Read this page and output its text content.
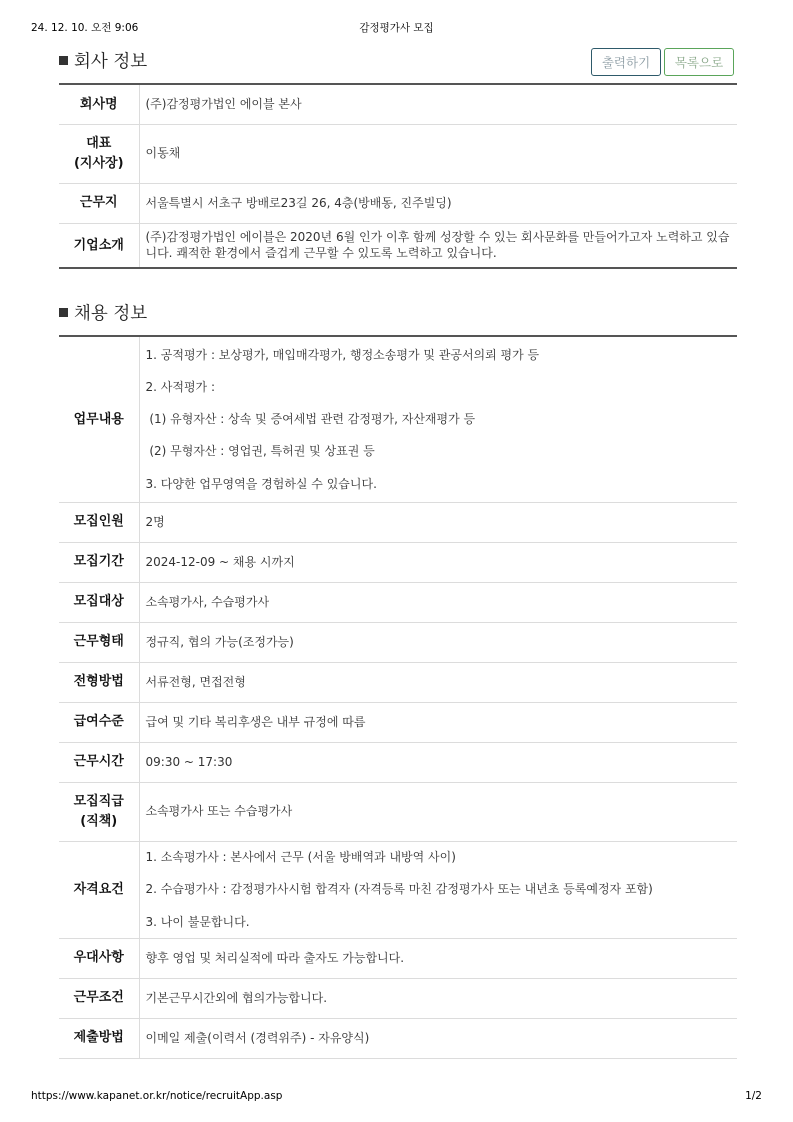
24. 12. 10. 오전 9:06	감정평가사 모집
회사 정보	출력하기	목록으로
회사명	(주)감정평가법인 에이블 본사
대표
(지사장)	이동채
근무지	서울특별시 서초구 방배로23길 26, 4층(방배동, 진주빌딩)
기업소개	(주)감정평가법인 에이블은 2020년 6월 인가 이후 함께 성장할 수 있는 회사문화를 만들어가고자 노력하고 있습니다. 쾌적한 환경에서 즐겁게 근무할 수 있도록 노력하고 있습니다.
채용 정보
업무내용	1. 공적평가 : 보상평가, 매입매각평가, 행정소송평가 및 관공서의뢰 평가 등

2. 사적평가 :

(1) 유형자산 : 상속 및 증여세법 관련 감정평가, 자산재평가 등

(2) 무형자산 : 영업권, 특허권 및 상표권 등

3. 다양한 업무영역을 경험하실 수 있습니다.

모집인원	2명
모집기간	2024-12-09 ~ 채용 시까지
모집대상	소속평가사, 수습평가사
근무형태	정규직, 협의 가능(조정가능)
전형방법	서류전형, 면접전형
급여수준	급여 및 기타 복리후생은 내부 규정에 따름
근무시간	09:30 ~ 17:30
모집직급
(직책)	소속평가사 또는 수습평가사
자격요건	1. 소속평가사 : 본사에서 근무 (서울 방배역과 내방역 사이)

2. 수습평가사 : 감정평가사시험 합격자 (자격등록 마친 감정평가사 또는 내년초 등록예정자 포함)

3. 나이 불문합니다.

우대사항	향후 영업 및 처리실적에 따라 출자도 가능합니다.
근무조건	기본근무시간외에 협의가능합니다.
제출방법	이메일 제출(이력서 (경력위주) - 자유양식)
https://www.kapanet.or.kr/notice/recruitApp.asp	1/2
